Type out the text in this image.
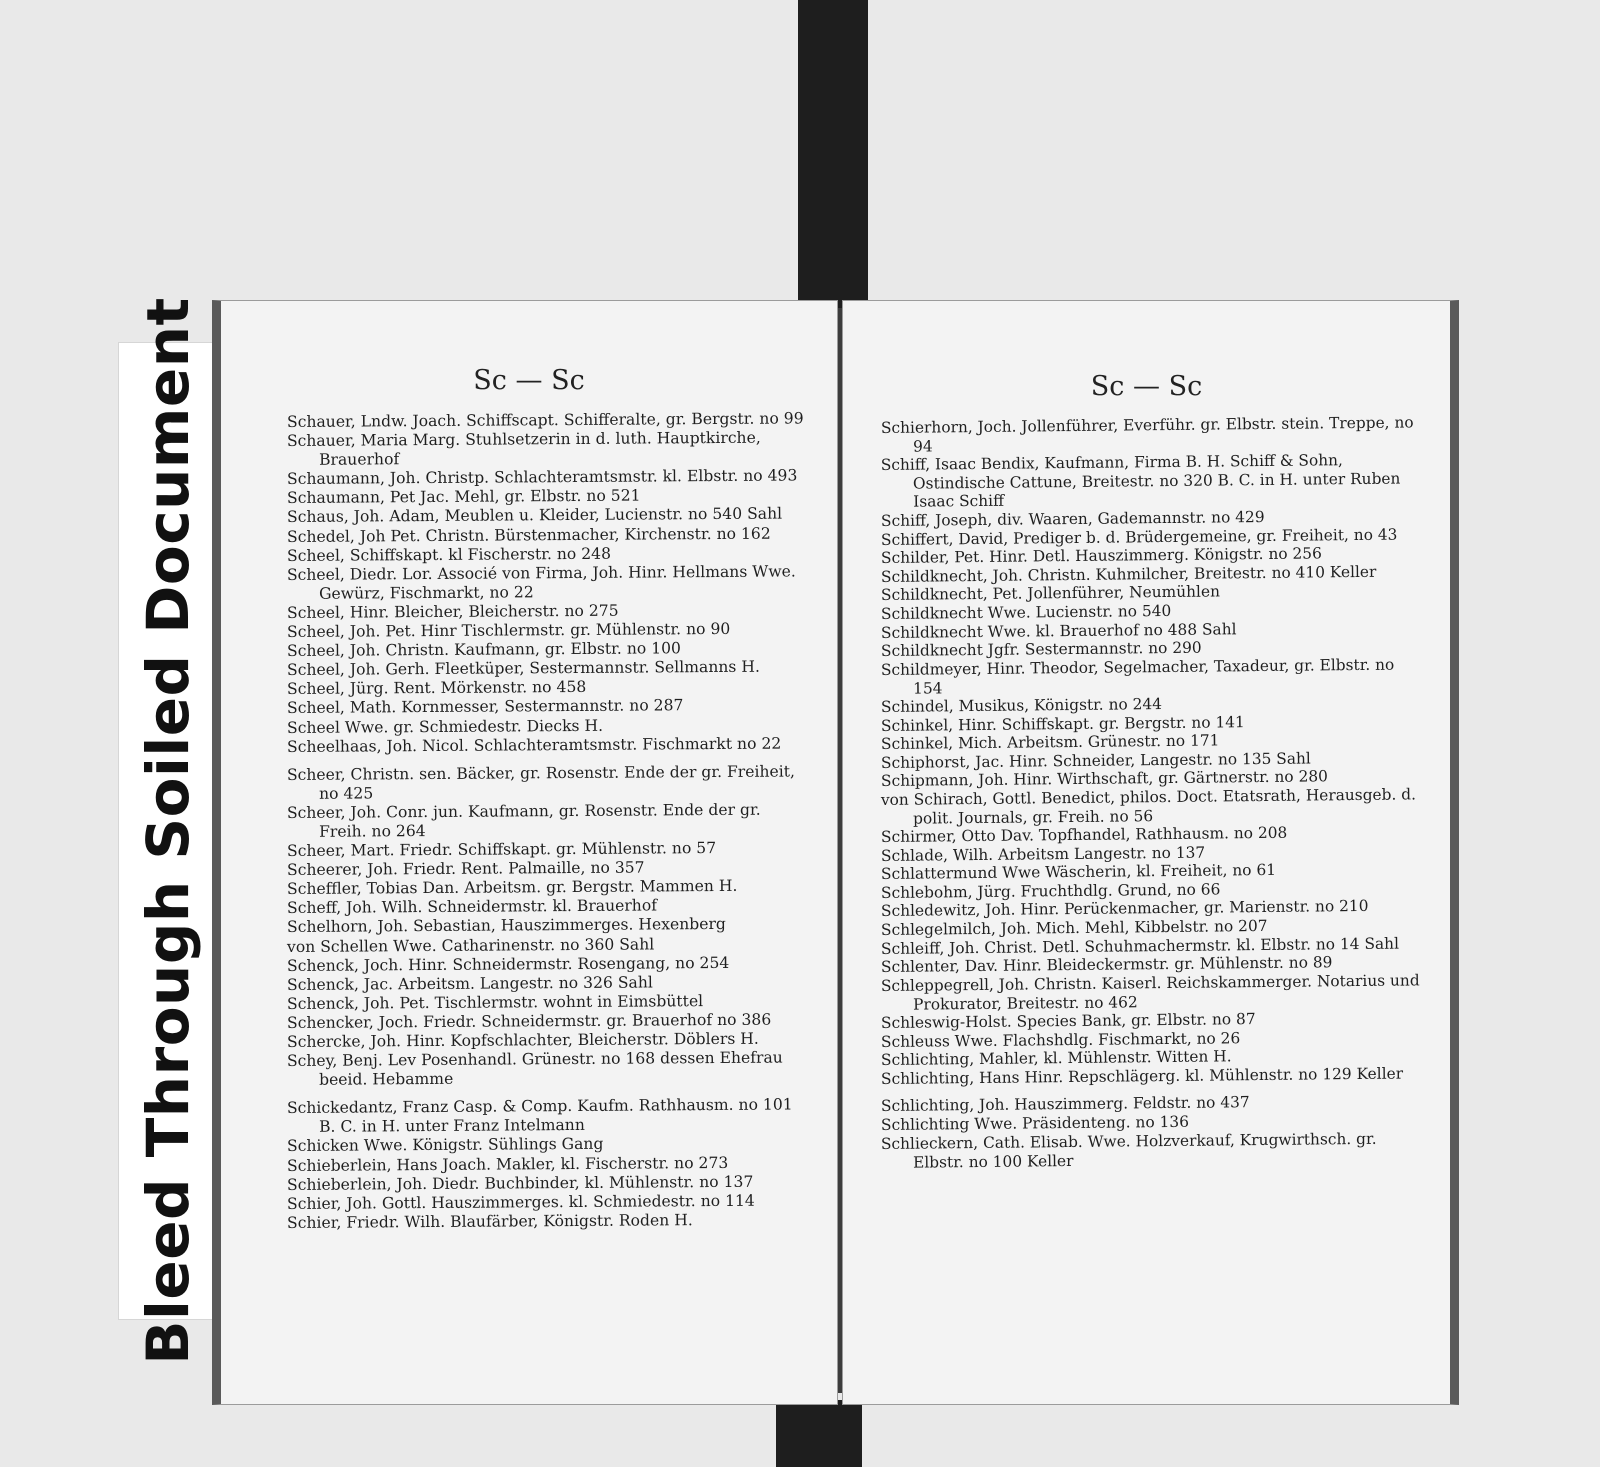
Bleed Through Soiled Document	Sc — Sc
Schauer, Lndw. Joach. Schiffscapt. Schifferalte, gr. Bergstr. no 99
Schauer, Maria Marg. Stuhlsetzerin in d. luth. Hauptkirche, Brauerhof
Schaumann, Joh. Christp. Schlachteramtsmstr. kl. Elbstr. no 493
Schaumann, Pet Jac. Mehl, gr. Elbstr. no 521
Schaus, Joh. Adam, Meublen u. Kleider, Lucienstr. no 540 Sahl
Schedel, Joh Pet. Christn. Bürstenmacher, Kirchenstr. no 162
Scheel, Schiffskapt. kl Fischerstr. no 248
Scheel, Diedr. Lor. Associé von Firma, Joh. Hinr. Hellmans Wwe. Gewürz, Fischmarkt, no 22
Scheel, Hinr. Bleicher, Bleicherstr. no 275
Scheel, Joh. Pet. Hinr Tischlermstr. gr. Mühlenstr. no 90
Scheel, Joh. Christn. Kaufmann, gr. Elbstr. no 100
Scheel, Joh. Gerh. Fleetküper, Sestermannstr. Sellmanns H.
Scheel, Jürg. Rent. Mörkenstr. no 458
Scheel, Math. Kornmesser, Sestermannstr. no 287
Scheel Wwe. gr. Schmiedestr. Diecks H.
Scheelhaas, Joh. Nicol. Schlachteramtsmstr. Fischmarkt no 22
Scheer, Christn. sen. Bäcker, gr. Rosenstr. Ende der gr. Freiheit, no 425
Scheer, Joh. Conr. jun. Kaufmann, gr. Rosenstr. Ende der gr. Freih. no 264
Scheer, Mart. Friedr. Schiffskapt. gr. Mühlenstr. no 57
Scheerer, Joh. Friedr. Rent. Palmaille, no 357
Scheffler, Tobias Dan. Arbeitsm. gr. Bergstr. Mammen H.
Scheff, Joh. Wilh. Schneidermstr. kl. Brauerhof
Schelhorn, Joh. Sebastian, Hauszimmerges. Hexenberg
von Schellen Wwe. Catharinenstr. no 360 Sahl
Schenck, Joch. Hinr. Schneidermstr. Rosengang, no 254
Schenck, Jac. Arbeitsm. Langestr. no 326 Sahl
Schenck, Joh. Pet. Tischlermstr. wohnt in Eimsbüttel
Schencker, Joch. Friedr. Schneidermstr. gr. Brauerhof no 386
Schercke, Joh. Hinr. Kopfschlachter, Bleicherstr. Döblers H.
Schey, Benj. Lev Posenhandl. Grünestr. no 168 dessen Ehefrau beeid. Hebamme
Schickedantz, Franz Casp. & Comp. Kaufm. Rathhausm. no 101 B. C. in H. unter Franz Intelmann
Schicken Wwe. Königstr. Sühlings Gang
Schieberlein, Hans Joach. Makler, kl. Fischerstr. no 273
Schieberlein, Joh. Diedr. Buchbinder, kl. Mühlenstr. no 137
Schier, Joh. Gottl. Hauszimmerges. kl. Schmiedestr. no 114
Schier, Friedr. Wilh. Blaufärber, Königstr. Roden H.
Sc — Sc
Schierhorn, Joch. Jollenführer, Everführ. gr. Elbstr. stein. Treppe, no 94
Schiff, Isaac Bendix, Kaufmann, Firma B. H. Schiff & Sohn, Ostindische Cattune, Breitestr. no 320 B. C. in H. unter Ruben Isaac Schiff
Schiff, Joseph, div. Waaren, Gademannstr. no 429
Schiffert, David, Prediger b. d. Brüdergemeine, gr. Freiheit, no 43
Schilder, Pet. Hinr. Detl. Hauszimmerg. Königstr. no 256
Schildknecht, Joh. Christn. Kuhmilcher, Breitestr. no 410 Keller
Schildknecht, Pet. Jollenführer, Neumühlen
Schildknecht Wwe. Lucienstr. no 540
Schildknecht Wwe. kl. Brauerhof no 488 Sahl
Schildknecht Jgfr. Sestermannstr. no 290
Schildmeyer, Hinr. Theodor, Segelmacher, Taxadeur, gr. Elbstr. no 154
Schindel, Musikus, Königstr. no 244
Schinkel, Hinr. Schiffskapt. gr. Bergstr. no 141
Schinkel, Mich. Arbeitsm. Grünestr. no 171
Schiphorst, Jac. Hinr. Schneider, Langestr. no 135 Sahl
Schipmann, Joh. Hinr. Wirthschaft, gr. Gärtnerstr. no 280
von Schirach, Gottl. Benedict, philos. Doct. Etatsrath, Herausgeb. d. polit. Journals, gr. Freih. no 56
Schirmer, Otto Dav. Topfhandel, Rathhausm. no 208
Schlade, Wilh. Arbeitsm Langestr. no 137
Schlattermund Wwe Wäscherin, kl. Freiheit, no 61
Schlebohm, Jürg. Fruchthdlg. Grund, no 66
Schledewitz, Joh. Hinr. Perückenmacher, gr. Marienstr. no 210
Schlegelmilch, Joh. Mich. Mehl, Kibbelstr. no 207
Schleiff, Joh. Christ. Detl. Schuhmachermstr. kl. Elbstr. no 14 Sahl
Schlenter, Dav. Hinr. Bleideckermstr. gr. Mühlenstr. no 89
Schleppegrell, Joh. Christn. Kaiserl. Reichskammerger. Notarius und Prokurator, Breitestr. no 462
Schleswig-Holst. Species Bank, gr. Elbstr. no 87
Schleuss Wwe. Flachshdlg. Fischmarkt, no 26
Schlichting, Mahler, kl. Mühlenstr. Witten H.
Schlichting, Hans Hinr. Repschlägerg. kl. Mühlenstr. no 129 Keller
Schlichting, Joh. Hauszimmerg. Feldstr. no 437
Schlichting Wwe. Präsidenteng. no 136
Schlieckern, Cath. Elisab. Wwe. Holzverkauf, Krugwirthsch. gr. Elbstr. no 100 Keller
